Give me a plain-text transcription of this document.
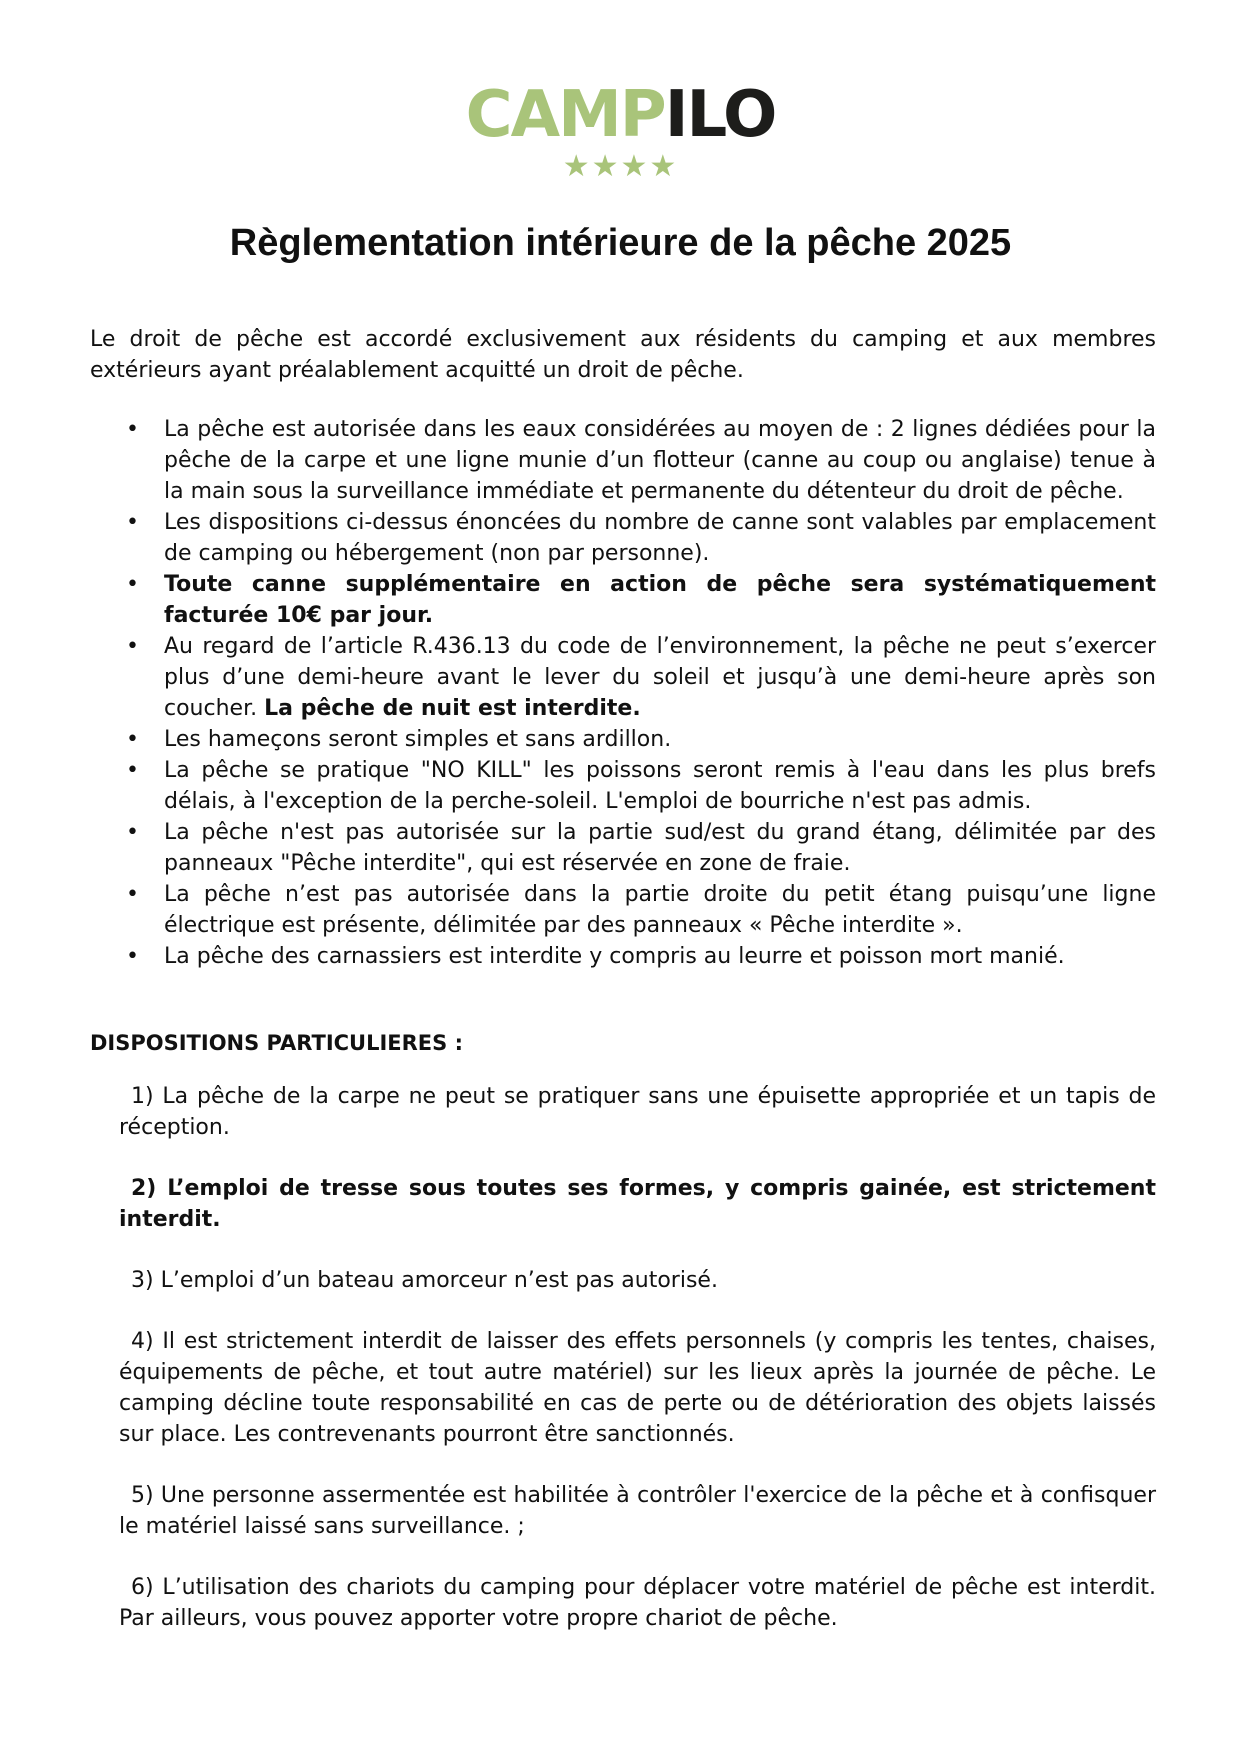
CAMPILO
★★★★
Règlementation intérieure de la pêche 2025

Le droit de pêche est accordé exclusivement aux résidents du camping et aux membres extérieurs ayant préalablement acquitté un droit de pêche.

• La pêche est autorisée dans les eaux considérées au moyen de : 2 lignes dédiées pour la pêche de la carpe et une ligne munie d’un flotteur (canne au coup ou anglaise) tenue à la main sous la surveillance immédiate et permanente du détenteur du droit de pêche.
• Les dispositions ci-dessus énoncées du nombre de canne sont valables par emplacement de camping ou hébergement (non par personne).
• Toute canne supplémentaire en action de pêche sera systématiquement facturée 10€ par jour.
• Au regard de l’article R.436.13 du code de l’environnement, la pêche ne peut s’exercer plus d’une demi-heure avant le lever du soleil et jusqu’à une demi-heure après son coucher. La pêche de nuit est interdite.
• Les hameçons seront simples et sans ardillon.
• La pêche se pratique "NO KILL" les poissons seront remis à l'eau dans les plus brefs délais, à l'exception de la perche-soleil. L'emploi de bourriche n'est pas admis.
• La pêche n'est pas autorisée sur la partie sud/est du grand étang, délimitée par des panneaux "Pêche interdite", qui est réservée en zone de fraie.
• La pêche n’est pas autorisée dans la partie droite du petit étang puisqu’une ligne électrique est présente, délimitée par des panneaux « Pêche interdite ».
• La pêche des carnassiers est interdite y compris au leurre et poisson mort manié.
DISPOSITIONS PARTICULIERES :

1) La pêche de la carpe ne peut se pratiquer sans une épuisette appropriée et un tapis de réception.

2) L’emploi de tresse sous toutes ses formes, y compris gainée, est strictement interdit.

3) L’emploi d’un bateau amorceur n’est pas autorisé.

4) Il est strictement interdit de laisser des effets personnels (y compris les tentes, chaises, équipements de pêche, et tout autre matériel) sur les lieux après la journée de pêche. Le camping décline toute responsabilité en cas de perte ou de détérioration des objets laissés sur place. Les contrevenants pourront être sanctionnés.

5) Une personne assermentée est habilitée à contrôler l'exercice de la pêche et à confisquer le matériel laissé sans surveillance. ;

6) L’utilisation des chariots du camping pour déplacer votre matériel de pêche est interdit. Par ailleurs, vous pouvez apporter votre propre chariot de pêche.
